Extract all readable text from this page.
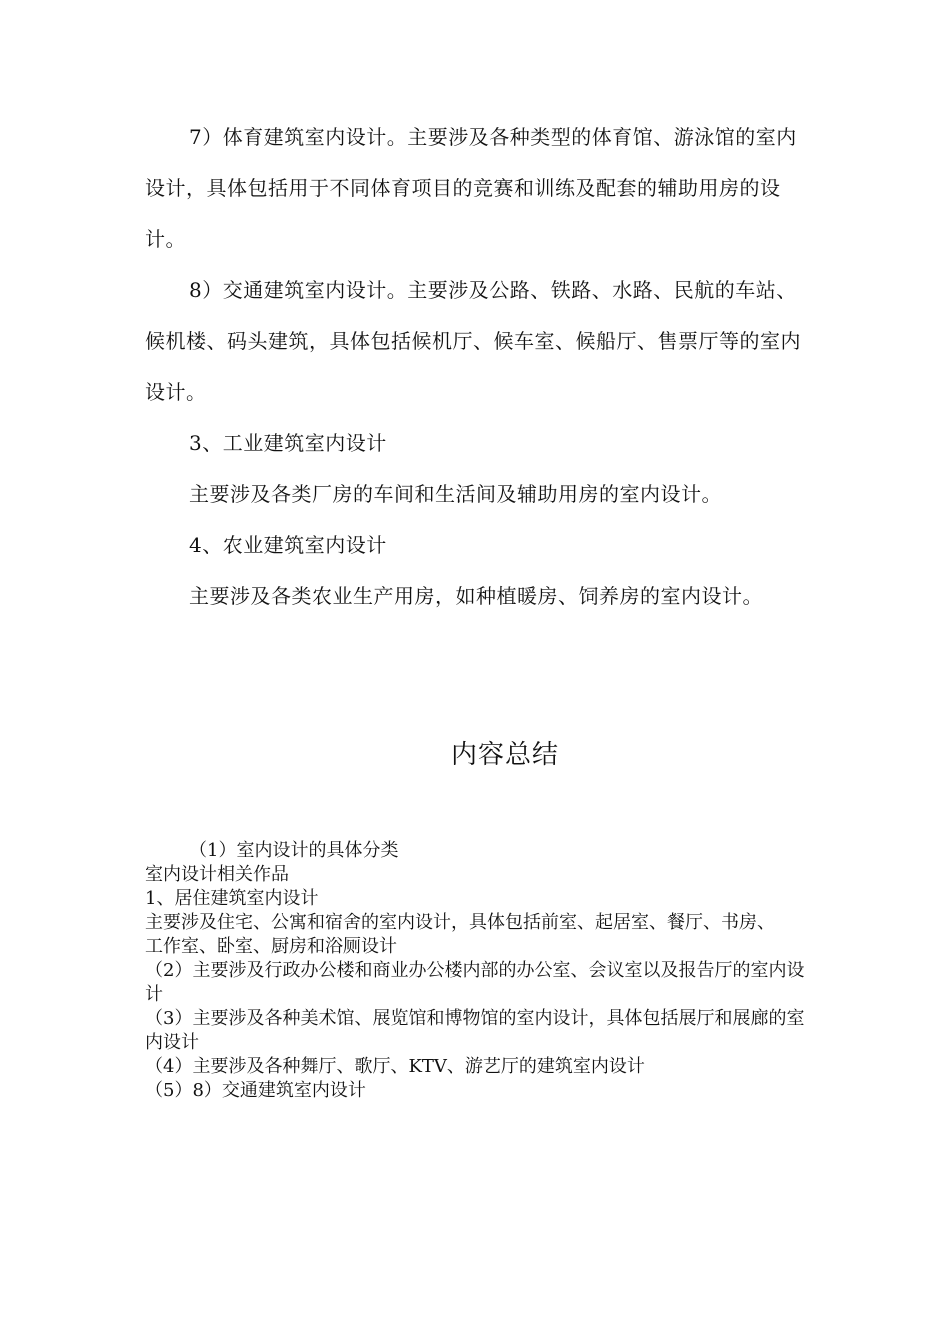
7）体育建筑室内设计。主要涉及各种类型的体育馆、游泳馆的室内设计，具体包括用于不同体育项目的竞赛和训练及配套的辅助用房的设计。

8）交通建筑室内设计。主要涉及公路、铁路、水路、民航的车站、候机楼、码头建筑，具体包括候机厅、候车室、候船厅、售票厅等的室内设计。

3、工业建筑室内设计

主要涉及各类厂房的车间和生活间及辅助用房的室内设计。

4、农业建筑室内设计

主要涉及各类农业生产用房，如种植暖房、饲养房的室内设计。

内容总结

（1）室内设计的具体分类

室内设计相关作品

1、居住建筑室内设计

主要涉及住宅、公寓和宿舍的室内设计，具体包括前室、起居室、餐厅、书房、工作室、卧室、厨房和浴厕设计

（2）主要涉及行政办公楼和商业办公楼内部的办公室、会议室以及报告厅的室内设计

（3）主要涉及各种美术馆、展览馆和博物馆的室内设计，具体包括展厅和展廊的室内设计

（4）主要涉及各种舞厅、歌厅、KTV、游艺厅的建筑室内设计

（5）8）交通建筑室内设计
